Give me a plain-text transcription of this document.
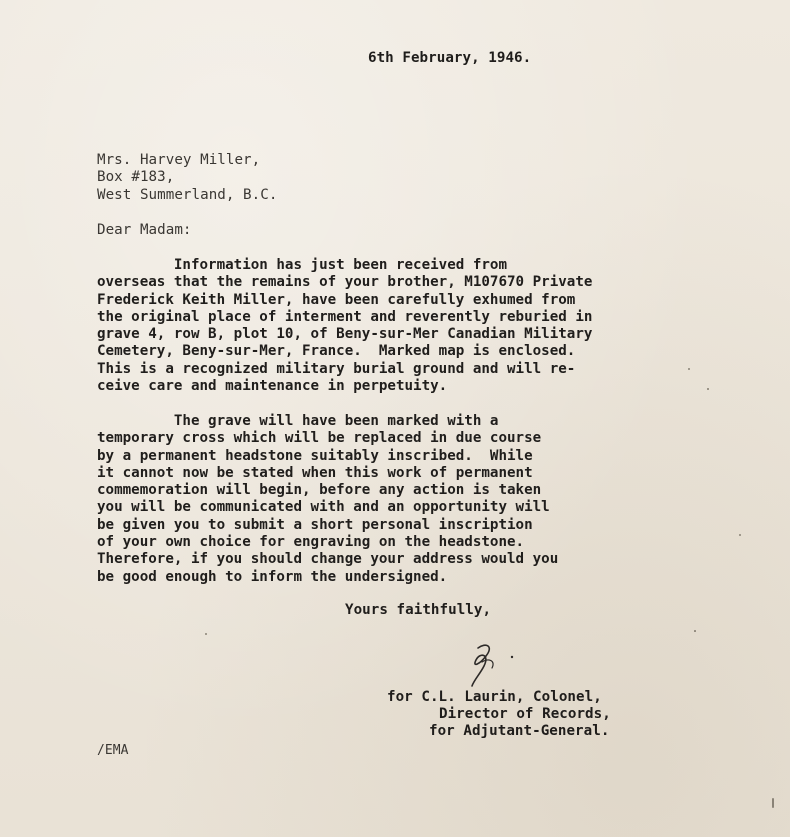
6th February, 1946.
Mrs. Harvey Miller,
Box #183,
West Summerland, B.C.
Dear Madam:
Information has just been received from
overseas that the remains of your brother, M107670 Private
Frederick Keith Miller, have been carefully exhumed from
the original place of interment and reverently reburied in
grave 4, row B, plot 10, of Beny-sur-Mer Canadian Military
Cemetery, Beny-sur-Mer, France.  Marked map is enclosed.
This is a recognized military burial ground and will re-
ceive care and maintenance in perpetuity.
The grave will have been marked with a
temporary cross which will be replaced in due course
by a permanent headstone suitably inscribed.  While
it cannot now be stated when this work of permanent
commemoration will begin, before any action is taken
you will be communicated with and an opportunity will
be given you to submit a short personal inscription
of your own choice for engraving on the headstone.
Therefore, if you should change your address would you
be good enough to inform the undersigned.
Yours faithfully,
for C.L. Laurin, Colonel,
Director of Records,
for Adjutant-General.
/EMA
